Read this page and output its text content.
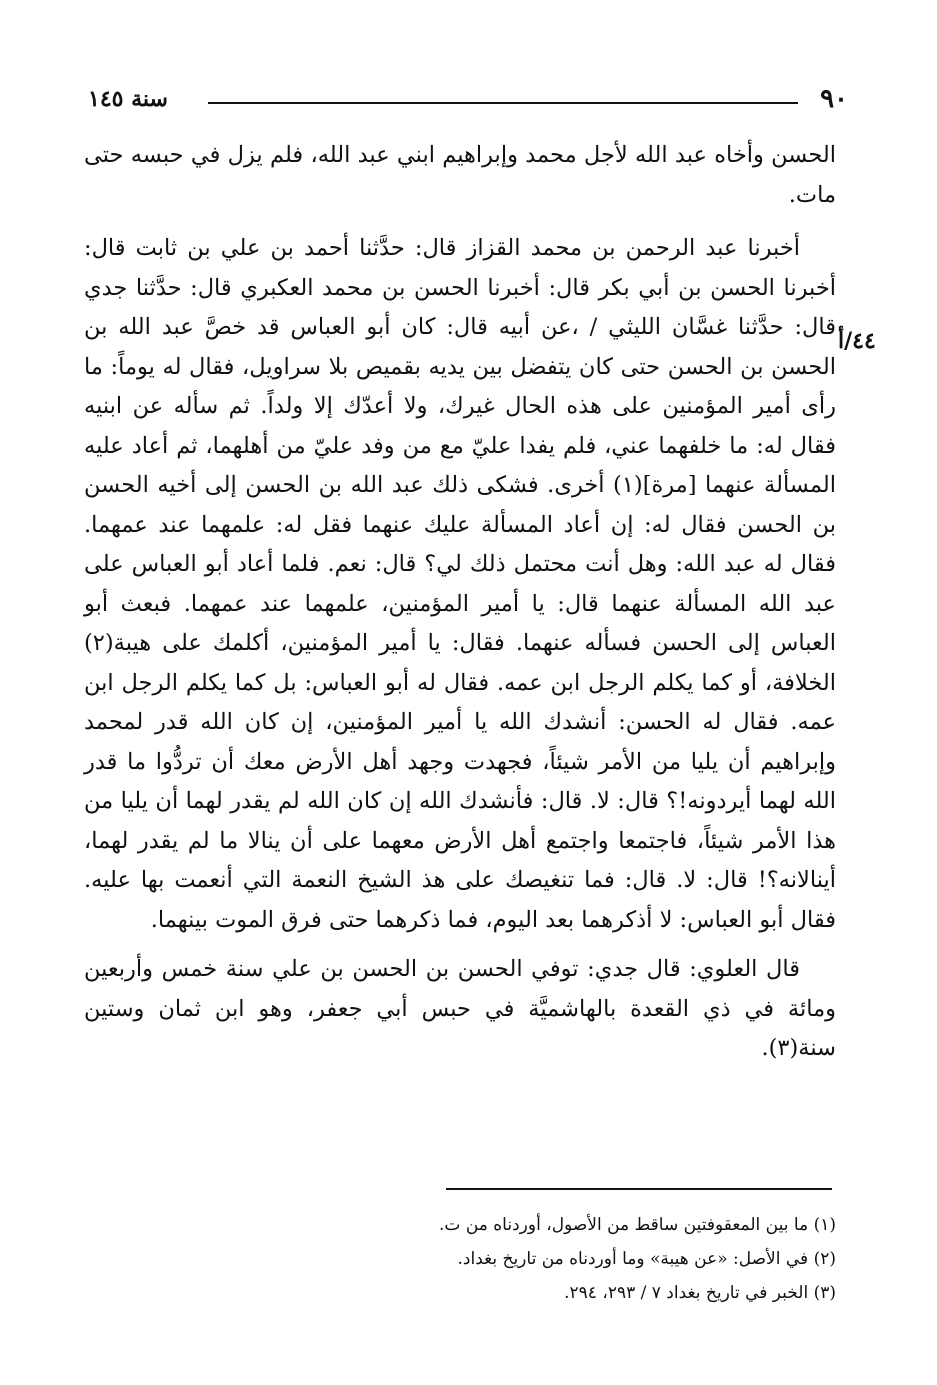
٩٠
سنة ١٤٥
٤٤/أ

الحسن وأخاه عبد الله لأجل محمد وإبراهيم ابني عبد الله، فلم يزل في حبسه حتى مات.

أخبرنا عبد الرحمن بن محمد القزاز قال: حدَّثنا أحمد بن علي بن ثابت قال: أخبرنا الحسن بن أبي بكر قال: أخبرنا الحسن بن محمد العكبري قال: حدَّثنا جدي قال: حدَّثنا غسَّان الليثي / ،عن أبيه قال: كان أبو العباس قد خصَّ عبد الله بن الحسن بن الحسن حتى كان يتفضل بين يديه بقميص بلا سراويل، فقال له يوماً: ما رأى أمير المؤمنين على هذه الحال غيرك، ولا أعدّك إلا ولداً. ثم سأله عن ابنيه فقال له: ما خلفهما عني، فلم يفدا عليّ مع من وفد عليّ من أهلهما، ثم أعاد عليه المسألة عنهما [مرة](١) أخرى. فشكى ذلك عبد الله بن الحسن إلى أخيه الحسن بن الحسن فقال له: إن أعاد المسألة عليك عنهما فقل له: علمهما عند عمهما. فقال له عبد الله: وهل أنت محتمل ذلك لي؟ قال: نعم. فلما أعاد أبو العباس على عبد الله المسألة عنهما قال: يا أمير المؤمنين، علمهما عند عمهما. فبعث أبو العباس إلى الحسن فسأله عنهما. فقال: يا أمير المؤمنين، أكلمك على هيبة(٢) الخلافة، أو كما يكلم الرجل ابن عمه. فقال له أبو العباس: بل كما يكلم الرجل ابن عمه. فقال له الحسن: أنشدك الله يا أمير المؤمنين، إن كان الله قدر لمحمد وإبراهيم أن يليا من الأمر شيئاً، فجهدت وجهد أهل الأرض معك أن تردُّوا ما قدر الله لهما أيردونه!؟ قال: لا. قال: فأنشدك الله إن كان الله لم يقدر لهما أن يليا من هذا الأمر شيئاً، فاجتمعا واجتمع أهل الأرض معهما على أن ينالا ما لم يقدر لهما، أينالانه؟! قال: لا. قال: فما تنغيصك على هذ الشيخ النعمة التي أنعمت بها عليه. فقال أبو العباس: لا أذكرهما بعد اليوم، فما ذكرهما حتى فرق الموت بينهما.

قال العلوي: قال جدي: توفي الحسن بن الحسن بن علي سنة خمس وأربعين ومائة في ذي القعدة بالهاشميَّة في حبس أبي جعفر، وهو ابن ثمان وستين سنة(٣).

(١) ما بين المعقوفتين ساقط من الأصول، أوردناه من ت.

(٢) في الأصل: «عن هيبة» وما أوردناه من تاريخ بغداد.

(٣) الخبر في تاريخ بغداد ٧ / ٢٩٣، ٢٩٤.
